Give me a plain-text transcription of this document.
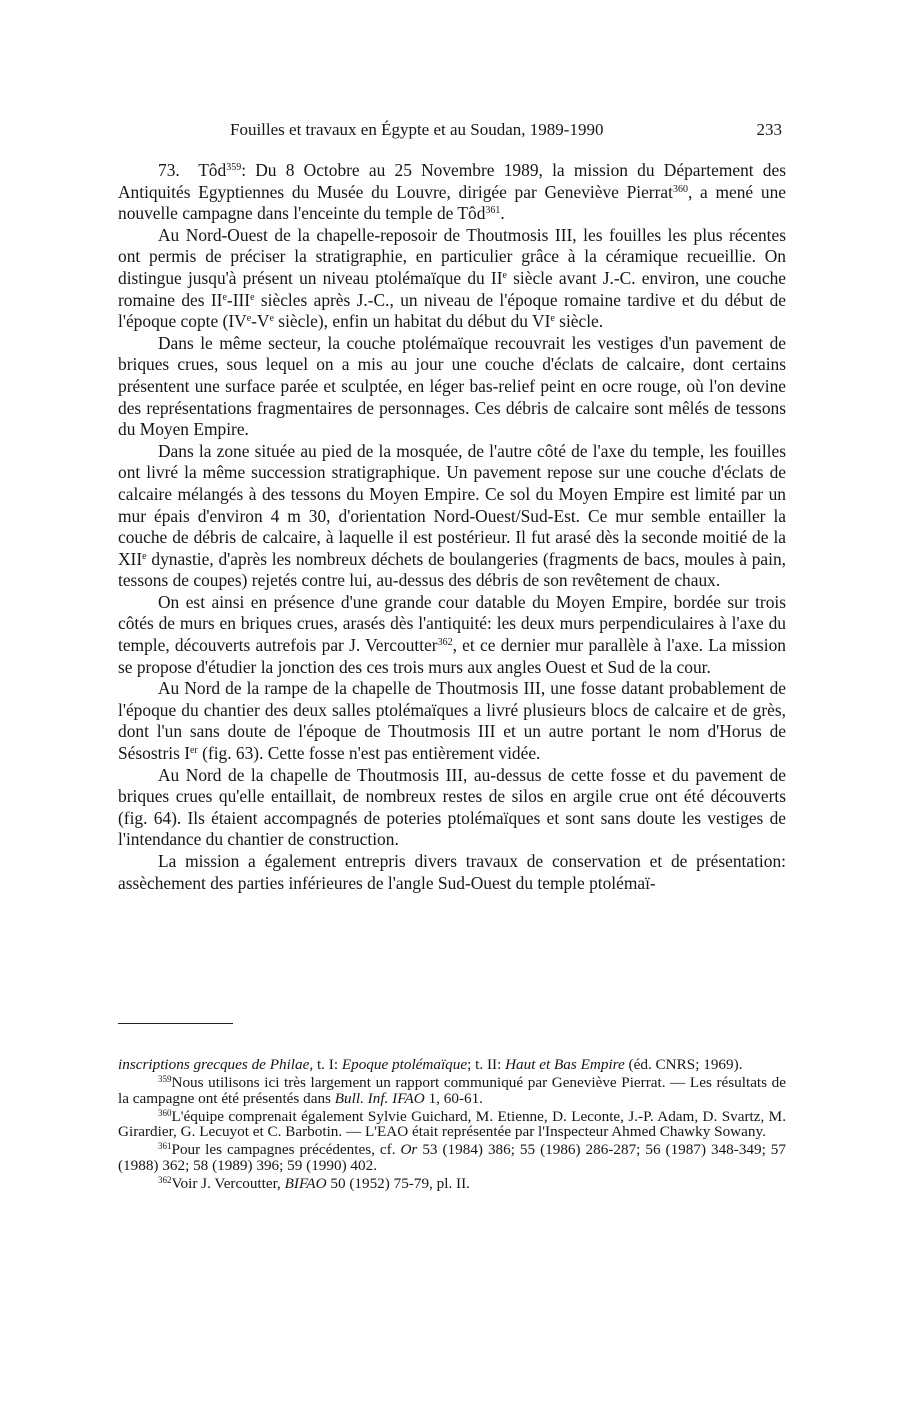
Fouilles et travaux en Égypte et au Soudan, 1989-1990	233

73. Tôd$^{359}$: Du 8 Octobre au 25 Novembre 1989, la mission du Département des Antiquités Egyptiennes du Musée du Louvre, dirigée par Geneviève Pierrat$^{360}$, a mené une nouvelle campagne dans l'enceinte du temple de Tôd$^{361}$.

Au Nord-Ouest de la chapelle-reposoir de Thoutmosis III, les fouilles les plus récentes ont permis de préciser la stratigraphie, en particulier grâce à la céramique recueillie. On distingue jusqu'à présent un niveau ptolémaïque du IIe siècle avant J.-C. environ, une couche romaine des IIe-IIIe siècles après J.-C., un niveau de l'époque romaine tardive et du début de l'époque copte (IVe-Ve siècle), enfin un habitat du début du VIe siècle.

Dans le même secteur, la couche ptolémaïque recouvrait les vestiges d'un pavement de briques crues, sous lequel on a mis au jour une couche d'éclats de calcaire, dont certains présentent une surface parée et sculptée, en léger bas-relief peint en ocre rouge, où l'on devine des représentations fragmentaires de personnages. Ces débris de calcaire sont mêlés de tessons du Moyen Empire.

Dans la zone située au pied de la mosquée, de l'autre côté de l'axe du temple, les fouilles ont livré la même succession stratigraphique. Un pavement repose sur une couche d'éclats de calcaire mélangés à des tessons du Moyen Empire. Ce sol du Moyen Empire est limité par un mur épais d'environ 4 m 30, d'orientation Nord-Ouest/Sud-Est. Ce mur semble entailler la couche de débris de calcaire, à laquelle il est postérieur. Il fut arasé dès la seconde moitié de la XIIe dynastie, d'après les nombreux déchets de boulangeries (fragments de bacs, moules à pain, tessons de coupes) rejetés contre lui, au-dessus des débris de son revêtement de chaux.

On est ainsi en présence d'une grande cour datable du Moyen Empire, bordée sur trois côtés de murs en briques crues, arasés dès l'antiquité: les deux murs perpendiculaires à l'axe du temple, découverts autrefois par J. Vercoutter$^{362}$, et ce dernier mur parallèle à l'axe. La mission se propose d'étudier la jonction des ces trois murs aux angles Ouest et Sud de la cour.

Au Nord de la rampe de la chapelle de Thoutmosis III, une fosse datant probablement de l'époque du chantier des deux salles ptolémaïques a livré plusieurs blocs de calcaire et de grès, dont l'un sans doute de l'époque de Thoutmosis III et un autre portant le nom d'Horus de Sésostris Ier (fig. 63). Cette fosse n'est pas entièrement vidée.

Au Nord de la chapelle de Thoutmosis III, au-dessus de cette fosse et du pavement de briques crues qu'elle entaillait, de nombreux restes de silos en argile crue ont été découverts (fig. 64). Ils étaient accompagnés de poteries ptolémaïques et sont sans doute les vestiges de l'intendance du chantier de construction.

La mission a également entrepris divers travaux de conservation et de présentation: assèchement des parties inférieures de l'angle Sud-Ouest du temple ptolémaï-

inscriptions grecques de Philae, t. I: Epoque ptolémaïque; t. II: Haut et Bas Empire (éd. CNRS; 1969).

$^{359}$Nous utilisons ici très largement un rapport communiqué par Geneviève Pierrat. — Les résultats de la campagne ont été présentés dans Bull. Inf. IFAO 1, 60-61.

$^{360}$L'équipe comprenait également Sylvie Guichard, M. Etienne, D. Leconte, J.-P. Adam, D. Svartz, M. Girardier, G. Lecuyot et C. Barbotin. — L'EAO était représentée par l'Inspecteur Ahmed Chawky Sowany.

$^{361}$Pour les campagnes précédentes, cf. Or 53 (1984) 386; 55 (1986) 286-287; 56 (1987) 348-349; 57 (1988) 362; 58 (1989) 396; 59 (1990) 402.

$^{362}$Voir J. Vercoutter, BIFAO 50 (1952) 75-79, pl. II.
